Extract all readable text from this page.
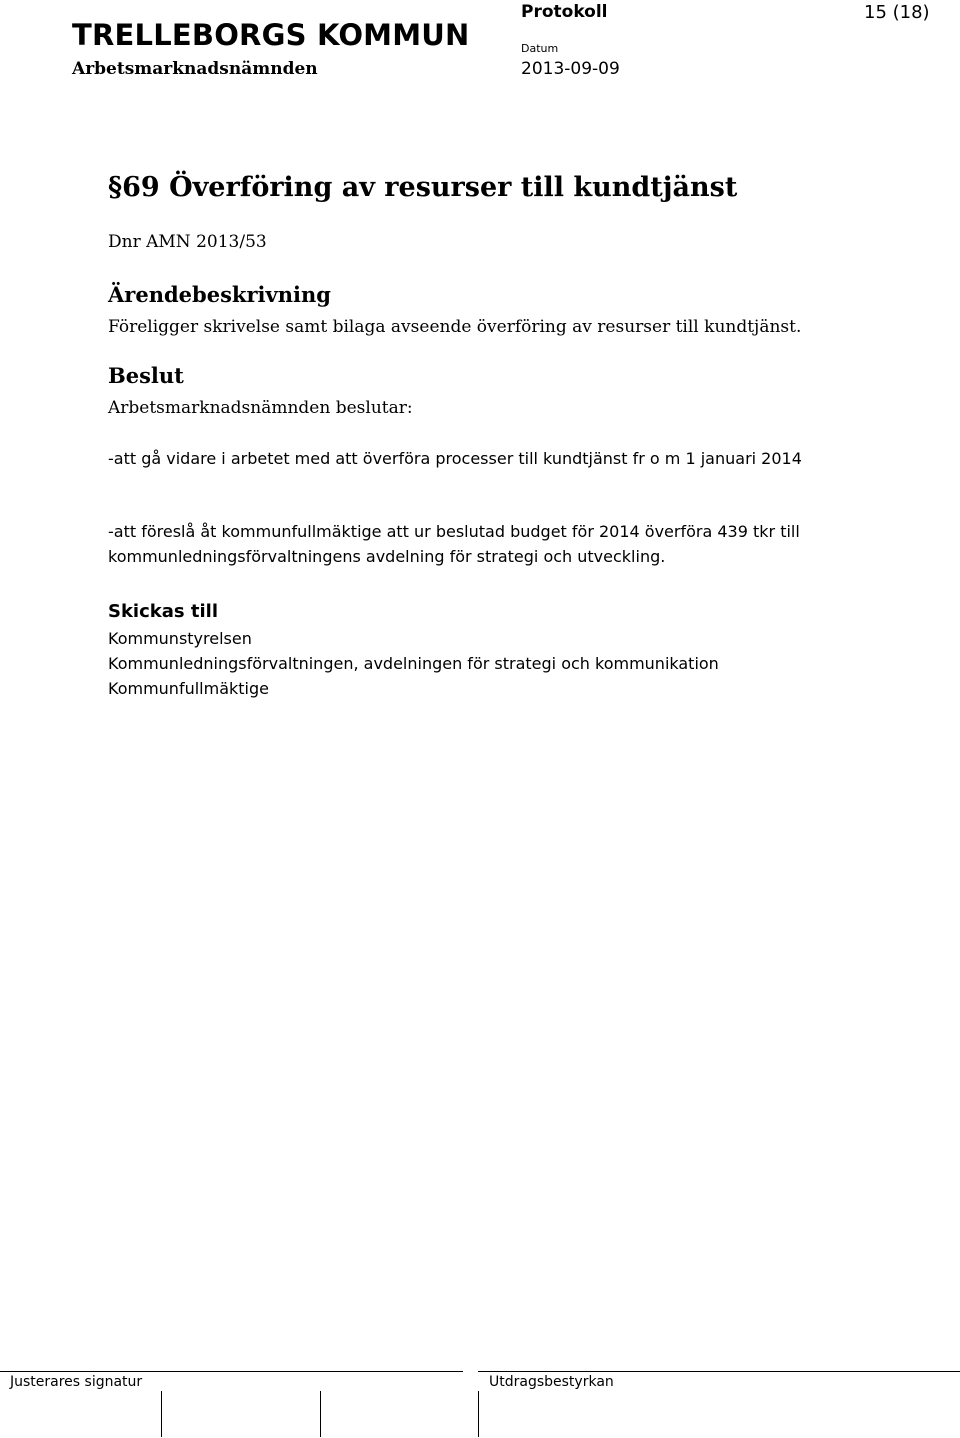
TRELLEBORGS KOMMUN
Arbetsmarknadsnämnden
Protokoll
Datum
2013-09-09
15 (18)
§69 Överföring av resurser till kundtjänst
Dnr AMN 2013/53
Ärendebeskrivning
Föreligger skrivelse samt bilaga avseende överföring av resurser till kundtjänst.
Beslut
Arbetsmarknadsnämnden beslutar:
-att gå vidare i arbetet med att överföra processer till kundtjänst fr o m 1 januari 2014
-att föreslå åt kommunfullmäktige att ur beslutad budget för 2014 överföra 439 tkr till kommunledningsförvaltningens avdelning för strategi och utveckling.
Skickas till
Kommunstyrelsen
Kommunledningsförvaltningen, avdelningen för strategi och kommunikation
Kommunfullmäktige
Justerares signatur	Utdragsbestyrkan
